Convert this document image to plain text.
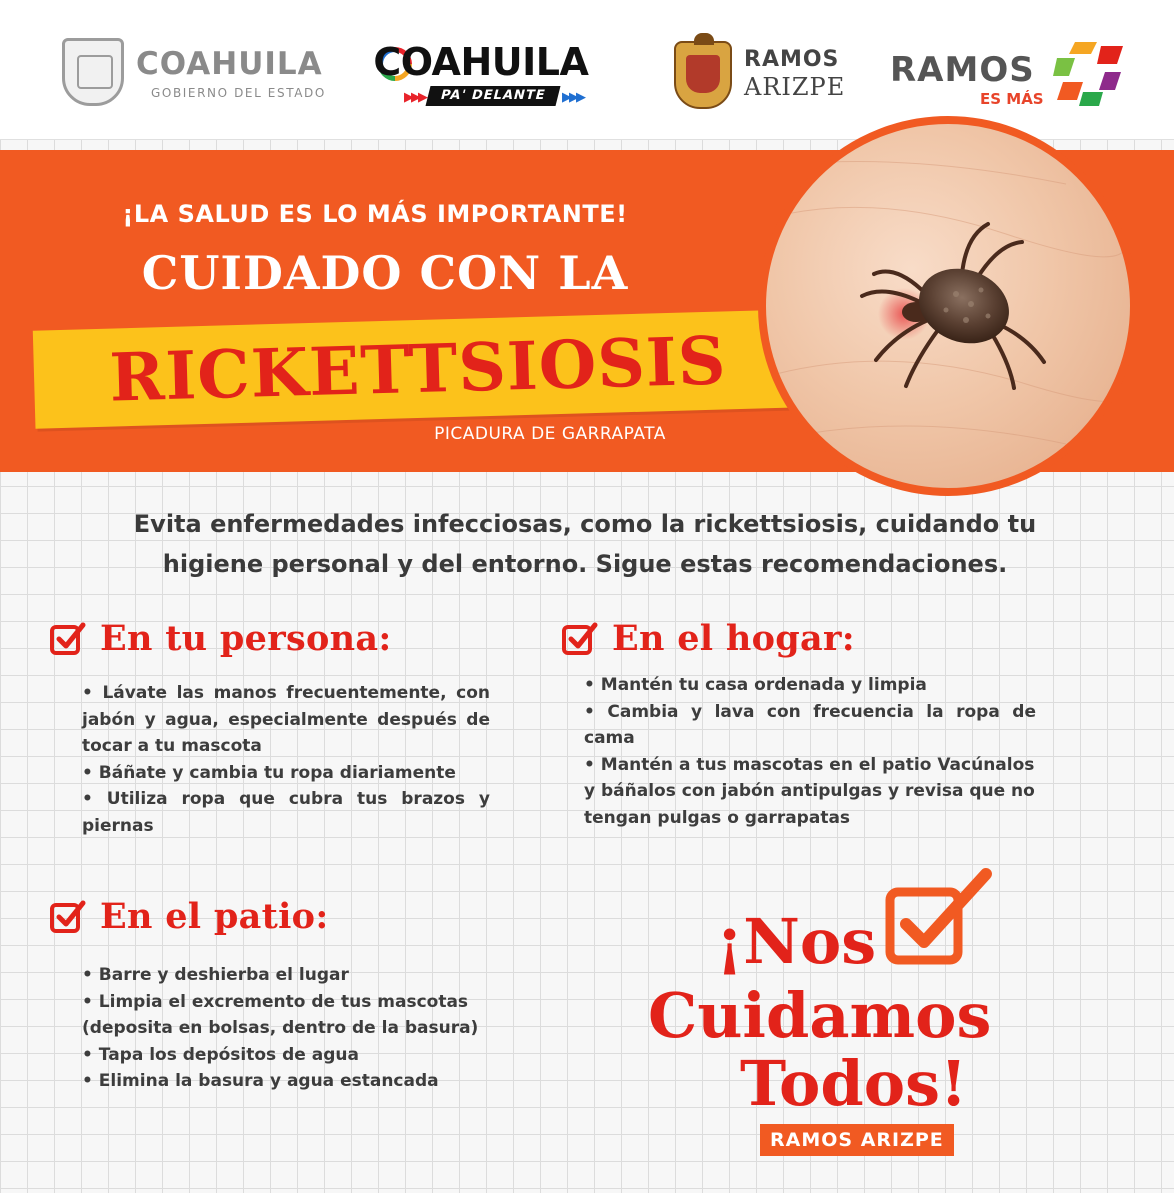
COAHUILA
GOBIERNO DEL ESTADO
COAHUILA
▶▶▶	PA' DELANTE	▶▶▶
RAMOS
ARIZPE RAMOS
ES MÁS
¡LA SALUD ES LO MÁS IMPORTANTE!
CUIDADO CON LA
RICKETTSIOSIS
PICADURA DE GARRAPATA
Evita enfermedades infecciosas, como la rickettsiosis, cuidando tu
higiene personal y del entorno. Sigue estas recomendaciones.
En tu persona:
• Lávate las manos frecuentemente, con jabón y agua, especialmente después de tocar a tu mascota
• Báñate y cambia tu ropa diariamente
• Utiliza ropa que cubra tus brazos y piernas
En el hogar:
• Mantén tu casa ordenada y limpia
• Cambia y lava con frecuencia la ropa de cama
• Mantén a tus mascotas en el patio Vacúnalos y báñalos con jabón antipulgas y revisa que no tengan pulgas o garrapatas
En el patio:
• Barre y deshierba el lugar
• Limpia el excremento de tus mascotas (deposita en bolsas, dentro de la basura)
• Tapa los depósitos de agua
• Elimina la basura y agua estancada
¡Nos
Cuidamos
Todos!
RAMOS ARIZPE
